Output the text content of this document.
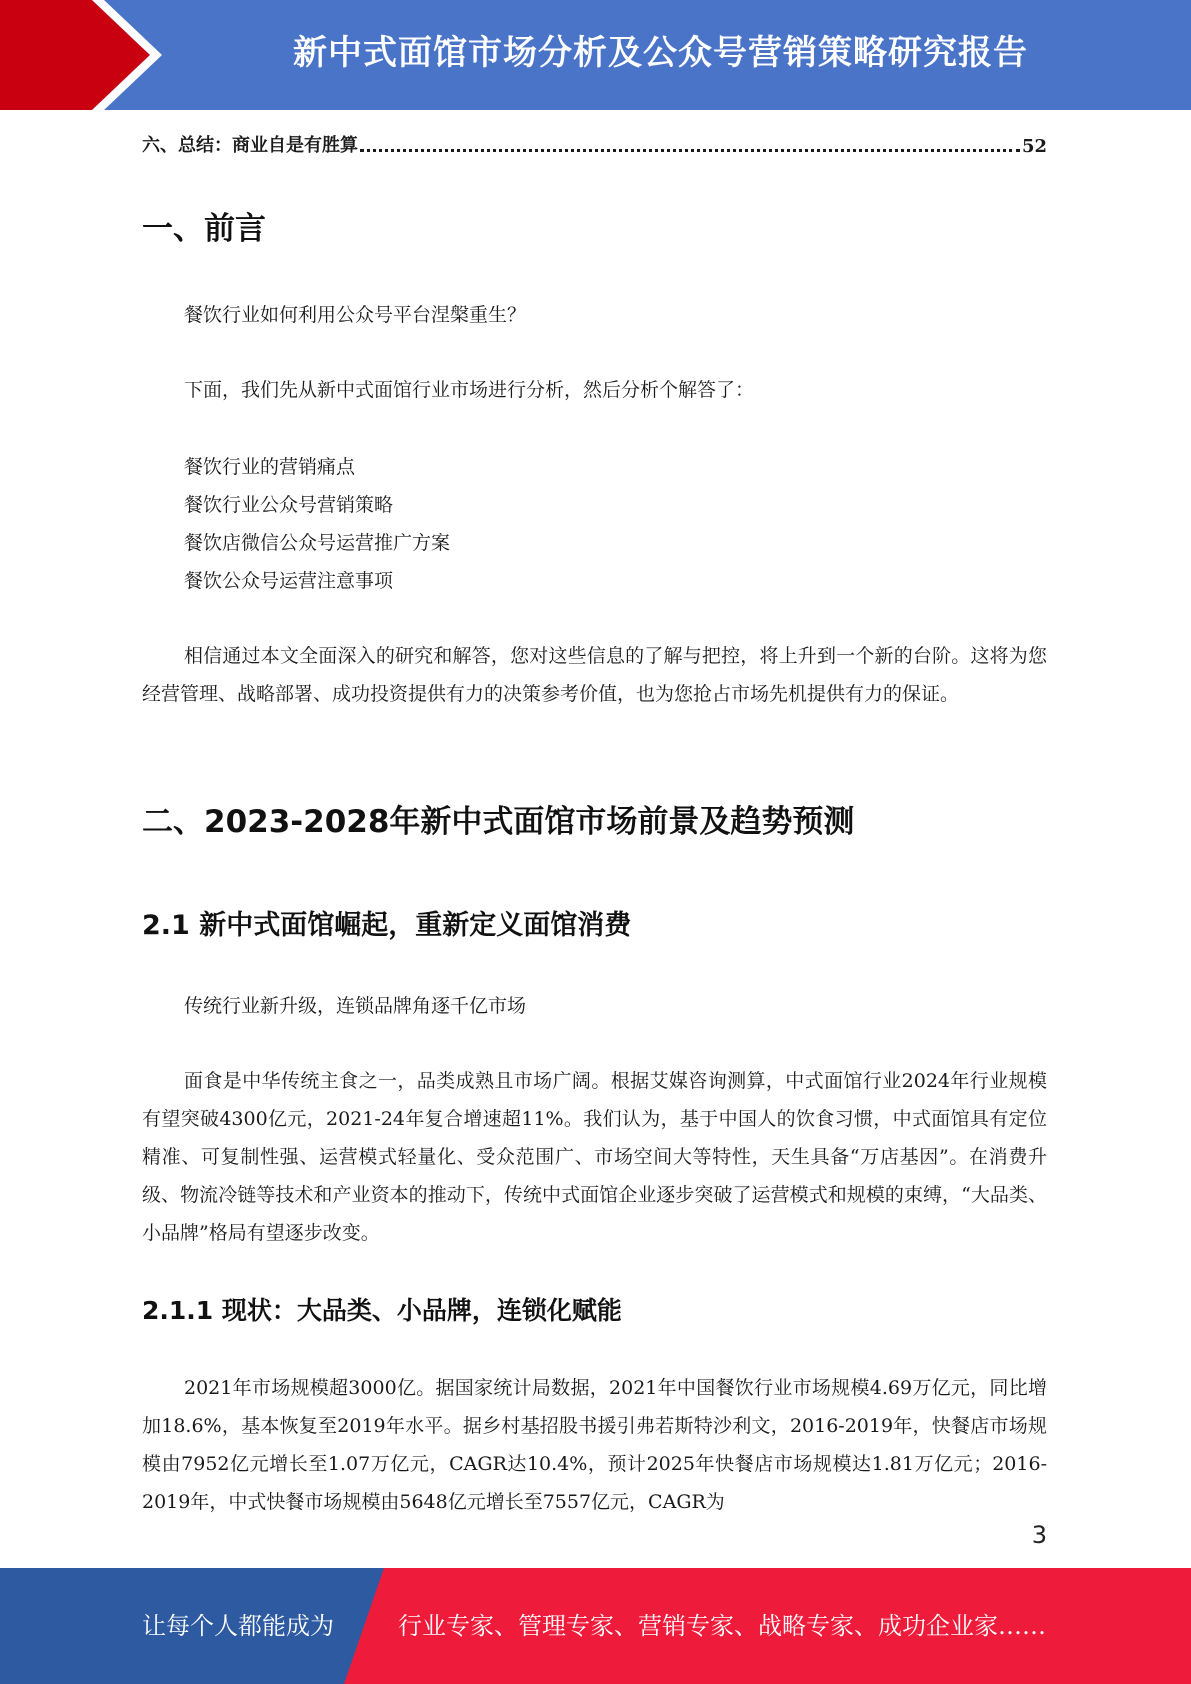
新中式面馆市场分析及公众号营销策略研究报告
六、总结：商业自是有胜算	52
一、前言

餐饮行业如何利用公众号平台涅槃重生？

下面，我们先从新中式面馆行业市场进行分析，然后分析个解答了：

餐饮行业的营销痛点
餐饮行业公众号营销策略
餐饮店微信公众号运营推广方案
餐饮公众号运营注意事项

相信通过本文全面深入的研究和解答，您对这些信息的了解与把控，将上升到一个新的台阶。这将为您经营管理、战略部署、成功投资提供有力的决策参考价值，也为您抢占市场先机提供有力的保证。

二、2023-2028年新中式面馆市场前景及趋势预测
2.1 新中式面馆崛起，重新定义面馆消费

传统行业新升级，连锁品牌角逐千亿市场

面食是中华传统主食之一，品类成熟且市场广阔。根据艾媒咨询测算，中式面馆行业2024年行业规模有望突破4300亿元，2021-24年复合增速超11%。我们认为，基于中国人的饮食习惯，中式面馆具有定位精准、可复制性强、运营模式轻量化、受众范围广、市场空间大等特性，天生具备“万店基因”。在消费升级、物流冷链等技术和产业资本的推动下，传统中式面馆企业逐步突破了运营模式和规模的束缚，“大品类、小品牌”格局有望逐步改变。

2.1.1 现状：大品类、小品牌，连锁化赋能

2021年市场规模超3000亿。据国家统计局数据，2021年中国餐饮行业市场规模4.69万亿元，同比增加18.6%，基本恢复至2019年水平。据乡村基招股书援引弗若斯特沙利文，2016-2019年，快餐店市场规模由7952亿元增长至1.07万亿元，CAGR达10.4%，预计2025年快餐店市场规模达1.81万亿元；2016-2019年，中式快餐市场规模由5648亿元增长至7557亿元，CAGR为

3
让每个人都能成为	行业专家、管理专家、营销专家、战略专家、成功企业家……
